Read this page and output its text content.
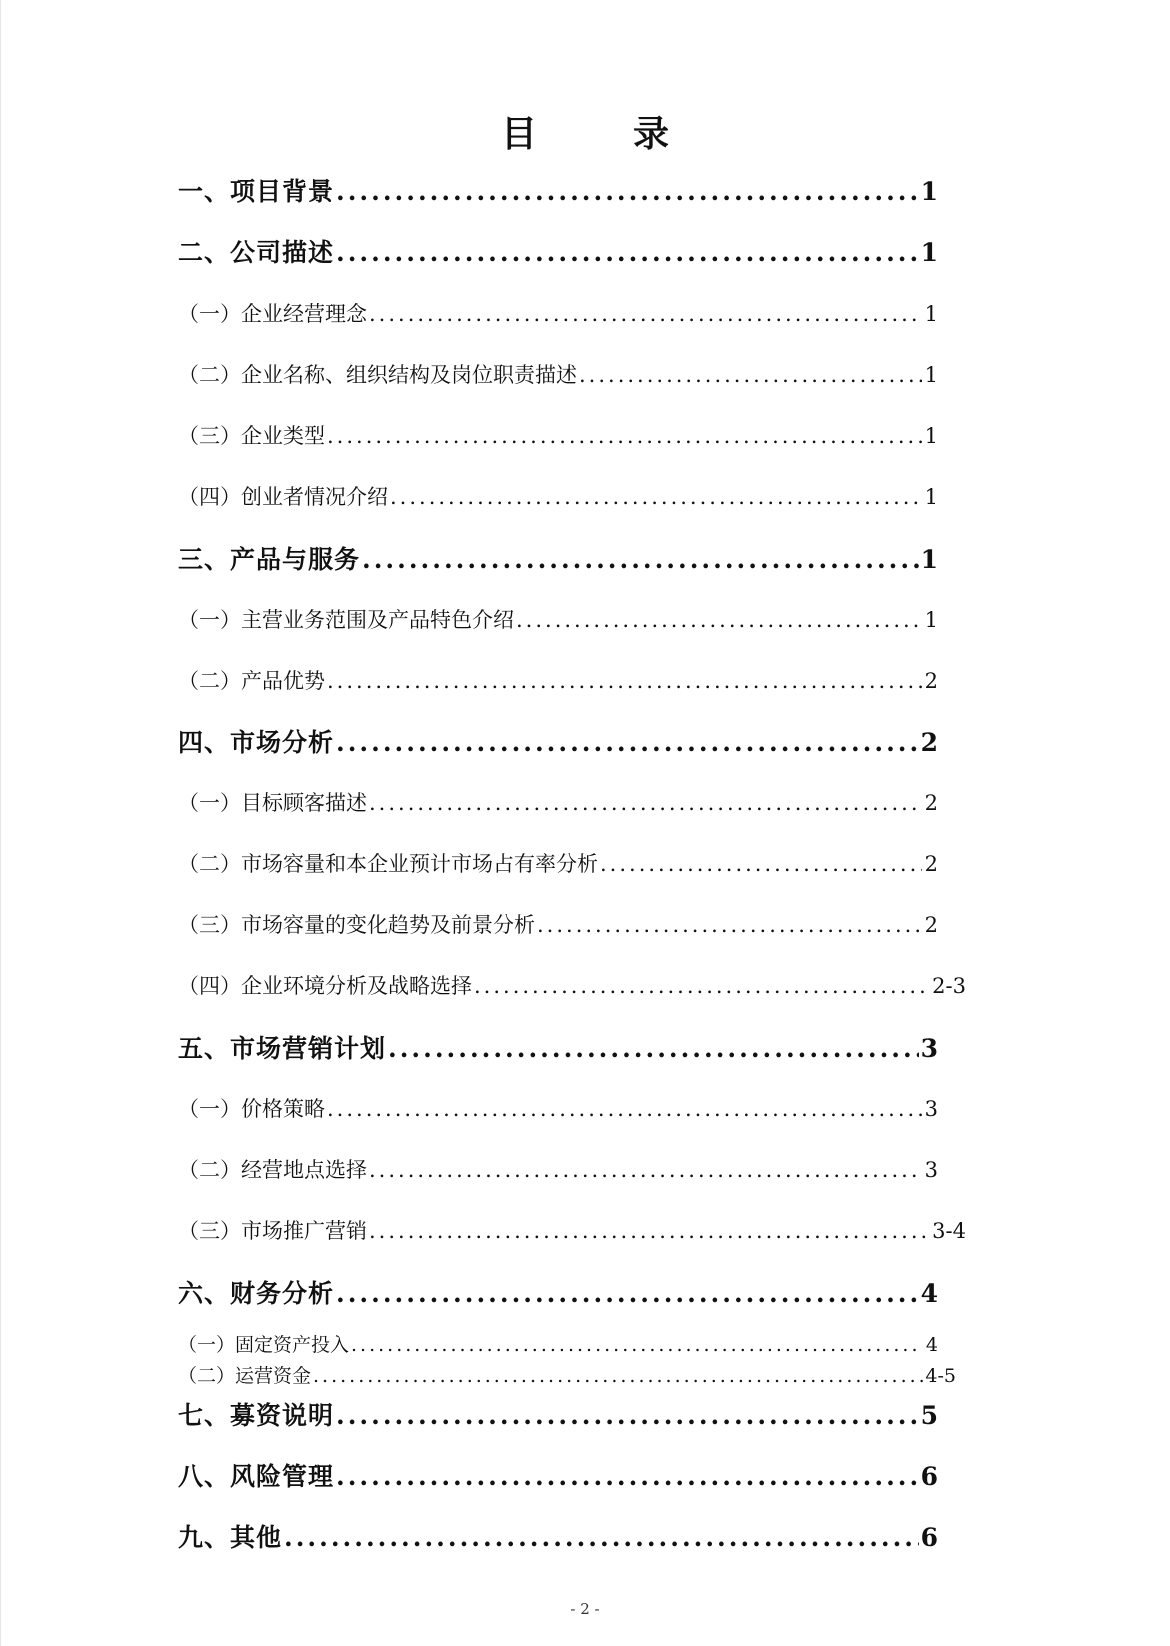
目　录
一、项目背景 .....	1
二、公司描述 .....	1
（一）企业经营理念 .....	1
（二）企业名称、组织结构及岗位职责描述 .....	1
（三）企业类型 .....	1
（四）创业者情况介绍 .....	1
三、产品与服务 .....	1
（一）主营业务范围及产品特色介绍 .....	1
（二）产品优势 .....	2
四、市场分析 .....	2
（一）目标顾客描述 .....	2
（二）市场容量和本企业预计市场占有率分析 .....	2
（三）市场容量的变化趋势及前景分析 .....	2
（四）企业环境分析及战略选择 .....	2-3
五、市场营销计划 .....	3
（一）价格策略 .....	3
（二）经营地点选择 .....	3
（三）市场推广营销 .....	3-4
六、财务分析 .....	4
（一）固定资产投入 .....	4
（二）运营资金 .....	4-5
七、募资说明 .....	5
八、风险管理 .....	6
九、其他 .....	6
- 2 -
